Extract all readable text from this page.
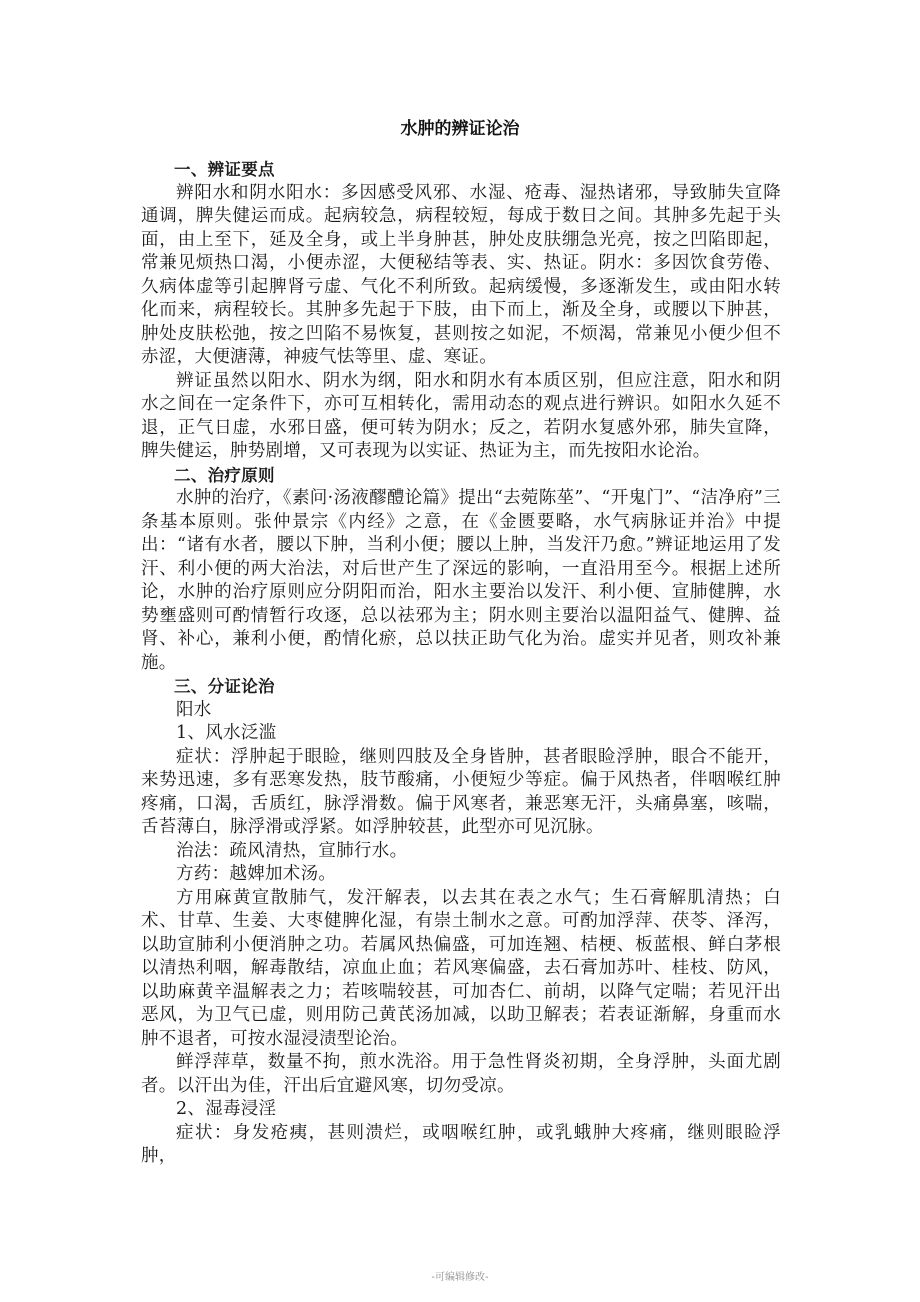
水肿的辨证论治

一、辨证要点

辨阳水和阴水阳水：多因感受风邪、水湿、疮毒、湿热诸邪，导致肺失宣降通调，脾失健运而成。起病较急，病程较短，每成于数日之间。其肿多先起于头面，由上至下，延及全身，或上半身肿甚，肿处皮肤绷急光亮，按之凹陷即起，常兼见烦热口渴，小便赤涩，大便秘结等表、实、热证。阴水：多因饮食劳倦、久病体虚等引起脾肾亏虚、气化不利所致。起病缓慢，多逐渐发生，或由阳水转化而来，病程较长。其肿多先起于下肢，由下而上，渐及全身，或腰以下肿甚，肿处皮肤松弛，按之凹陷不易恢复，甚则按之如泥，不烦渴，常兼见小便少但不赤涩，大便溏薄，神疲气怯等里、虚、寒证。

辨证虽然以阳水、阴水为纲，阳水和阴水有本质区别，但应注意，阳水和阴水之间在一定条件下，亦可互相转化，需用动态的观点进行辨识。如阳水久延不退，正气日虚，水邪日盛，便可转为阴水；反之，若阴水复感外邪，肺失宣降，脾失健运，肿势剧增，又可表现为以实证、热证为主，而先按阳水论治。

二、治疗原则

水肿的治疗，《素问·汤液醪醴论篇》提出“去菀陈莝”、“开鬼门”、“洁净府”三条基本原则。张仲景宗《内经》之意，在《金匮要略，水气病脉证并治》中提出：“诸有水者，腰以下肿，当利小便；腰以上肿，当发汗乃愈。”辨证地运用了发汗、利小便的两大治法，对后世产生了深远的影响，一直沿用至今。根据上述所论，水肿的治疗原则应分阴阳而治，阳水主要治以发汗、利小便、宣肺健脾，水势壅盛则可酌情暂行攻逐，总以祛邪为主；阴水则主要治以温阳益气、健脾、益肾、补心，兼利小便，酌情化瘀，总以扶正助气化为治。虚实并见者，则攻补兼施。

三、分证论治

阳水

1、风水泛滥

症状：浮肿起于眼睑，继则四肢及全身皆肿，甚者眼睑浮肿，眼合不能开，来势迅速，多有恶寒发热，肢节酸痛，小便短少等症。偏于风热者，伴咽喉红肿疼痛，口渴，舌质红，脉浮滑数。偏于风寒者，兼恶寒无汗，头痛鼻塞，咳喘，舌苔薄白，脉浮滑或浮紧。如浮肿较甚，此型亦可见沉脉。

治法：疏风清热，宣肺行水。

方药：越婢加术汤。

方用麻黄宣散肺气，发汗解表，以去其在表之水气；生石膏解肌清热；白术、甘草、生姜、大枣健脾化湿，有崇土制水之意。可酌加浮萍、茯苓、泽泻，以助宣肺利小便消肿之功。若属风热偏盛，可加连翘、桔梗、板蓝根、鲜白茅根以清热利咽，解毒散结，凉血止血；若风寒偏盛，去石膏加苏叶、桂枝、防风，以助麻黄辛温解表之力；若咳喘较甚，可加杏仁、前胡，以降气定喘；若见汗出恶风，为卫气已虚，则用防己黄芪汤加减，以助卫解表；若表证渐解，身重而水肿不退者，可按水湿浸渍型论治。

鲜浮萍草，数量不拘，煎水洗浴。用于急性肾炎初期，全身浮肿，头面尤剧者。以汗出为佳，汗出后宜避风寒，切勿受凉。

2、湿毒浸淫

症状：身发疮痍，甚则溃烂，或咽喉红肿，或乳蛾肿大疼痛，继则眼睑浮肿，

-可编辑修改-
